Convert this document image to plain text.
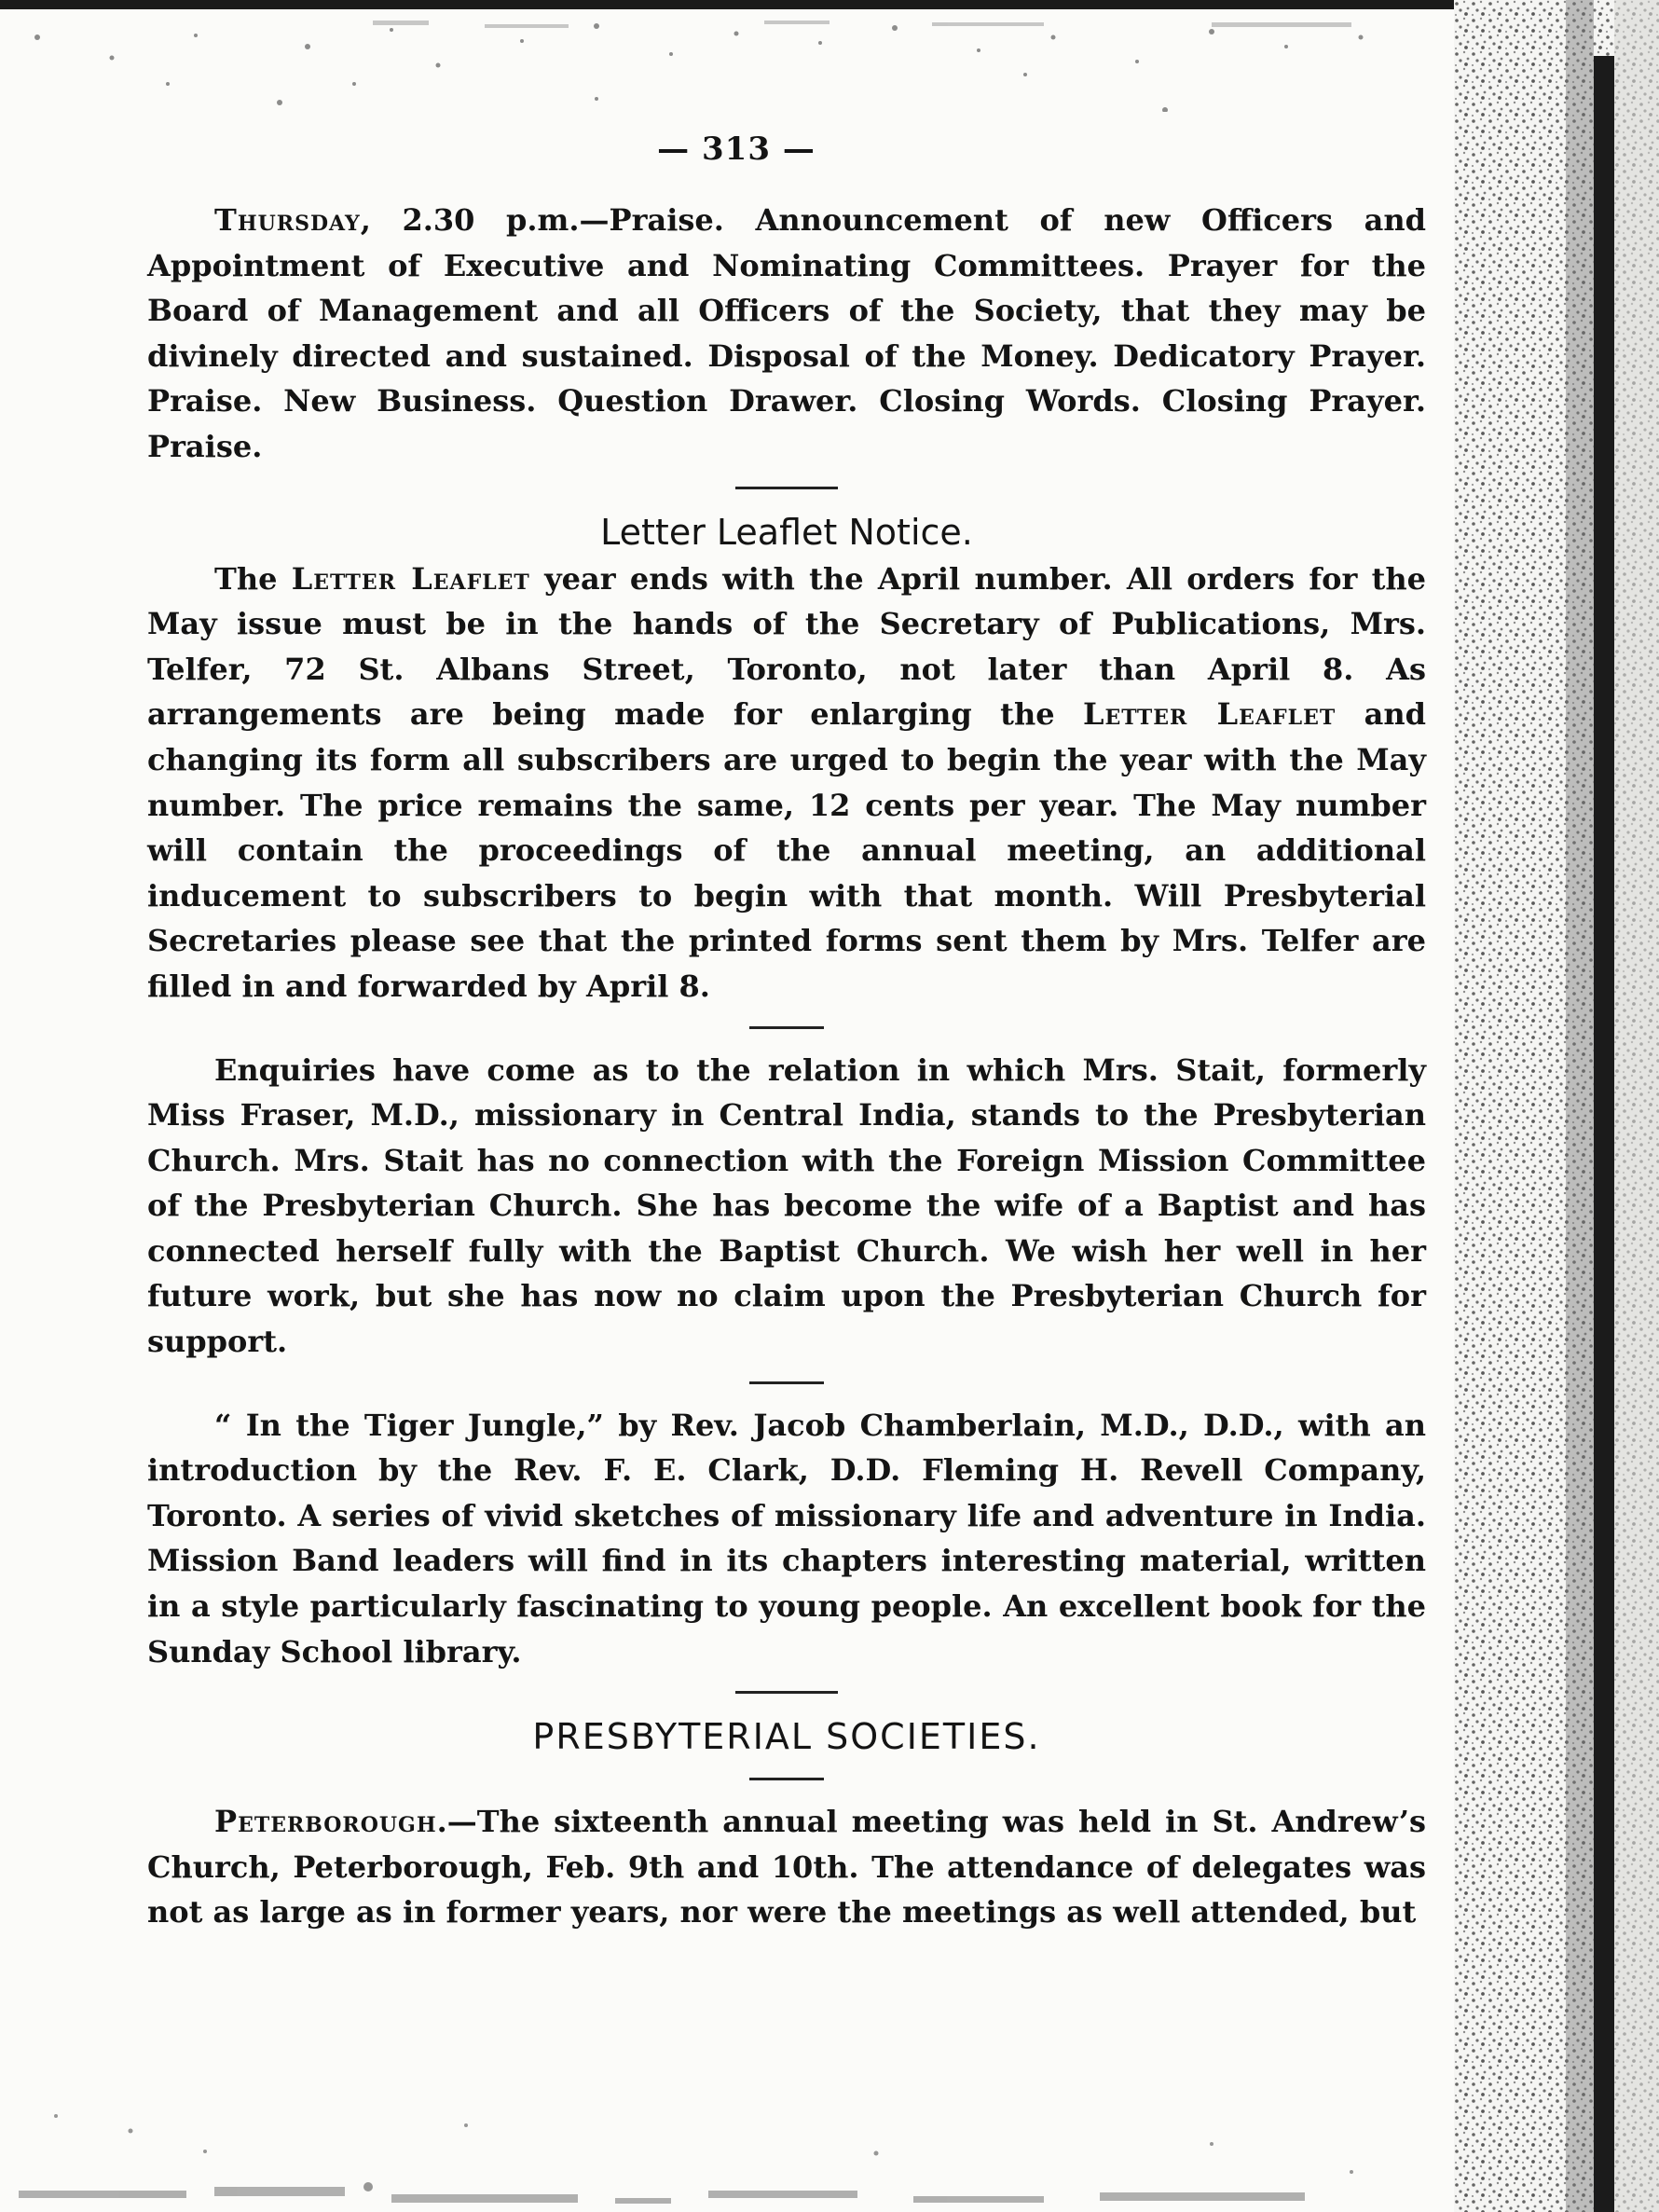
— 313 —

Thursday, 2.30 p.m.—Praise. Announcement of new Officers and Appointment of Executive and Nominating Committees. Prayer for the Board of Management and all Officers of the Society, that they may be divinely directed and sustained. Disposal of the Money. Dedicatory Prayer. Praise. New Business. Question Drawer. Closing Words. Closing Prayer. Praise.

Letter Leaflet Notice.

The Letter Leaflet year ends with the April number. All orders for the May issue must be in the hands of the Secretary of Publications, Mrs. Telfer, 72 St. Albans Street, Toronto, not later than April 8. As arrangements are being made for enlarging the Letter Leaflet and changing its form all subscribers are urged to begin the year with the May number. The price remains the same, 12 cents per year. The May number will contain the proceedings of the annual meeting, an additional inducement to subscribers to begin with that month. Will Presbyterial Secretaries please see that the printed forms sent them by Mrs. Telfer are filled in and forwarded by April 8.

Enquiries have come as to the relation in which Mrs. Stait, formerly Miss Fraser, M.D., missionary in Central India, stands to the Presbyterian Church. Mrs. Stait has no connection with the Foreign Mission Committee of the Presbyterian Church. She has become the wife of a Baptist and has connected herself fully with the Baptist Church. We wish her well in her future work, but she has now no claim upon the Presbyterian Church for support.

“ In the Tiger Jungle,” by Rev. Jacob Chamberlain, M.D., D.D., with an introduction by the Rev. F. E. Clark, D.D. Fleming H. Revell Company, Toronto. A series of vivid sketches of missionary life and adventure in India. Mission Band leaders will find in its chapters interesting material, written in a style particularly fascinating to young people. An excellent book for the Sunday School library.

PRESBYTERIAL SOCIETIES.

Peterborough.—The sixteenth annual meeting was held in St. Andrew’s Church, Peterborough, Feb. 9th and 10th. The attendance of delegates was not as large as in former years, nor were the meetings as well attended, but
